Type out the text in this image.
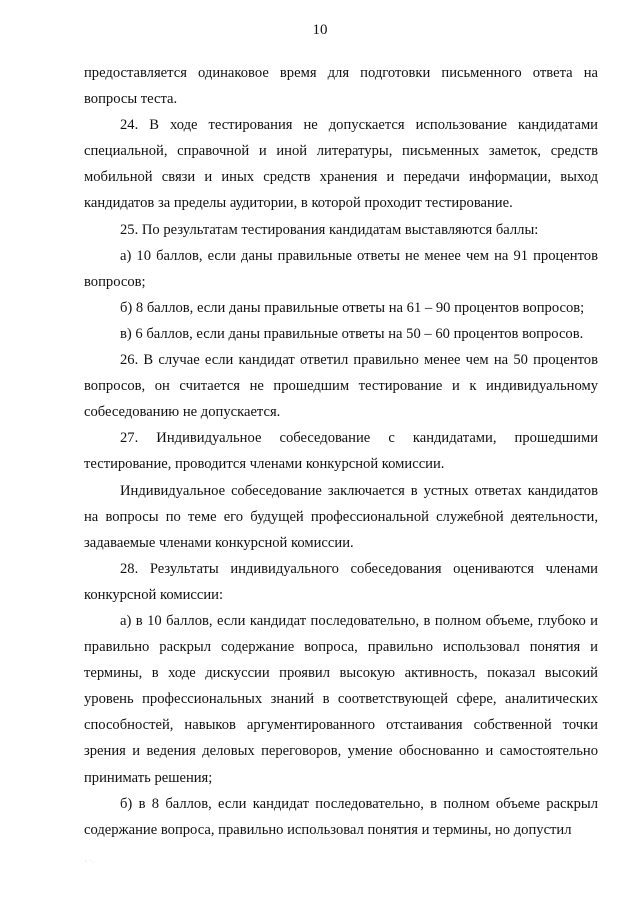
10

предоставляется одинаковое время для подготовки письменного ответа на вопросы теста.

24. В ходе тестирования не допускается использование кандидатами специальной, справочной и иной литературы, письменных заметок, средств мобильной связи и иных средств хранения и передачи информации, выход кандидатов за пределы аудитории, в которой проходит тестирование.

25. По результатам тестирования кандидатам выставляются баллы:

а) 10 баллов, если даны правильные ответы не менее чем на 91 процентов вопросов;

б) 8 баллов, если даны правильные ответы на 61 – 90 процентов вопросов;

в) 6 баллов, если даны правильные ответы на 50 – 60 процентов вопросов.

26. В случае если кандидат ответил правильно менее чем на 50 процентов вопросов, он считается не прошедшим тестирование и к индивидуальному собеседованию не допускается.

27. Индивидуальное собеседование с кандидатами, прошедшими тестирование, проводится членами конкурсной комиссии.

Индивидуальное собеседование заключается в устных ответах кандидатов на вопросы по теме его будущей профессиональной служебной деятельности, задаваемые членами конкурсной комиссии.

28. Результаты индивидуального собеседования оцениваются членами конкурсной комиссии:

а) в 10 баллов, если кандидат последовательно, в полном объеме, глубоко и правильно раскрыл содержание вопроса, правильно использовал понятия и термины, в ходе дискуссии проявил высокую активность, показал высокий уровень профессиональных знаний в соответствующей сфере, аналитических способностей, навыков аргументированного отстаивания собственной точки зрения и ведения деловых переговоров, умение обоснованно и самостоятельно принимать решения;

б) в 8 баллов, если кандидат последовательно, в полном объеме раскрыл содержание вопроса, правильно использовал понятия и термины, но допустил
